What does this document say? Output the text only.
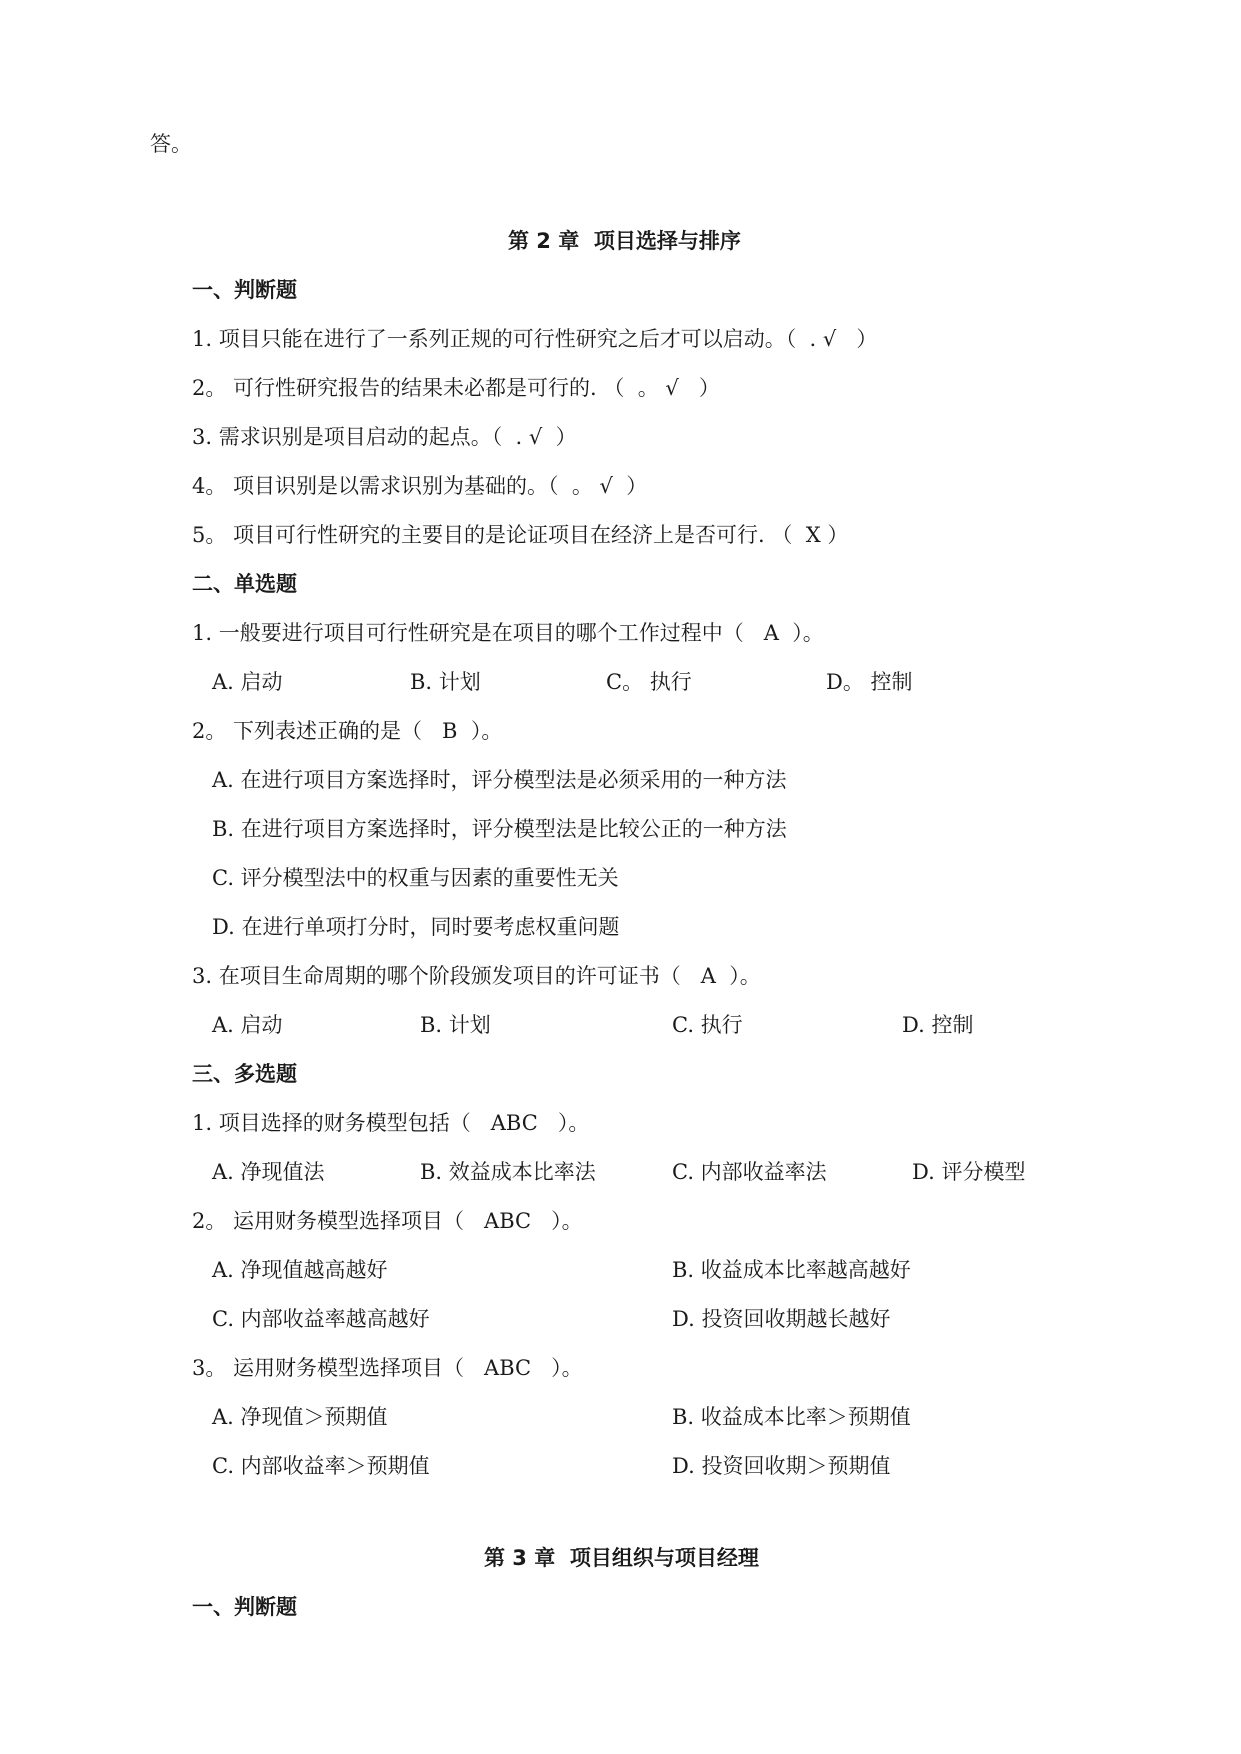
答。
第 2 章  项目选择与排序
一、判断题
1. 项目只能在进行了一系列正规的可行性研究之后才可以启动。（  . √   ）
2。 可行性研究报告的结果未必都是可行的. （  。 √   ）
3. 需求识别是项目启动的起点。（  . √  ）
4。 项目识别是以需求识别为基础的。（  。 √  ）
5。 项目可行性研究的主要目的是论证项目在经济上是否可行. （  X ）
二、单选题
1. 一般要进行项目可行性研究是在项目的哪个工作过程中（   A  ）。
A. 启动	B. 计划	C。 执行	D。 控制
2。 下列表述正确的是（   B  ）。
A. 在进行项目方案选择时，评分模型法是必须采用的一种方法
B. 在进行项目方案选择时，评分模型法是比较公正的一种方法
C. 评分模型法中的权重与因素的重要性无关
D. 在进行单项打分时，同时要考虑权重问题
3. 在项目生命周期的哪个阶段颁发项目的许可证书（   A  ）。
A. 启动	B. 计划	C. 执行	D. 控制
三、多选题
1. 项目选择的财务模型包括（   ABC   ）。
A. 净现值法	B. 效益成本比率法	C. 内部收益率法	D. 评分模型
2。 运用财务模型选择项目（   ABC   ）。
A. 净现值越高越好	B. 收益成本比率越高越好
C. 内部收益率越高越好	D. 投资回收期越长越好
3。 运用财务模型选择项目（   ABC   ）。
A. 净现值＞预期值	B. 收益成本比率＞预期值
C. 内部收益率＞预期值	D. 投资回收期＞预期值
第 3 章  项目组织与项目经理
一、判断题
